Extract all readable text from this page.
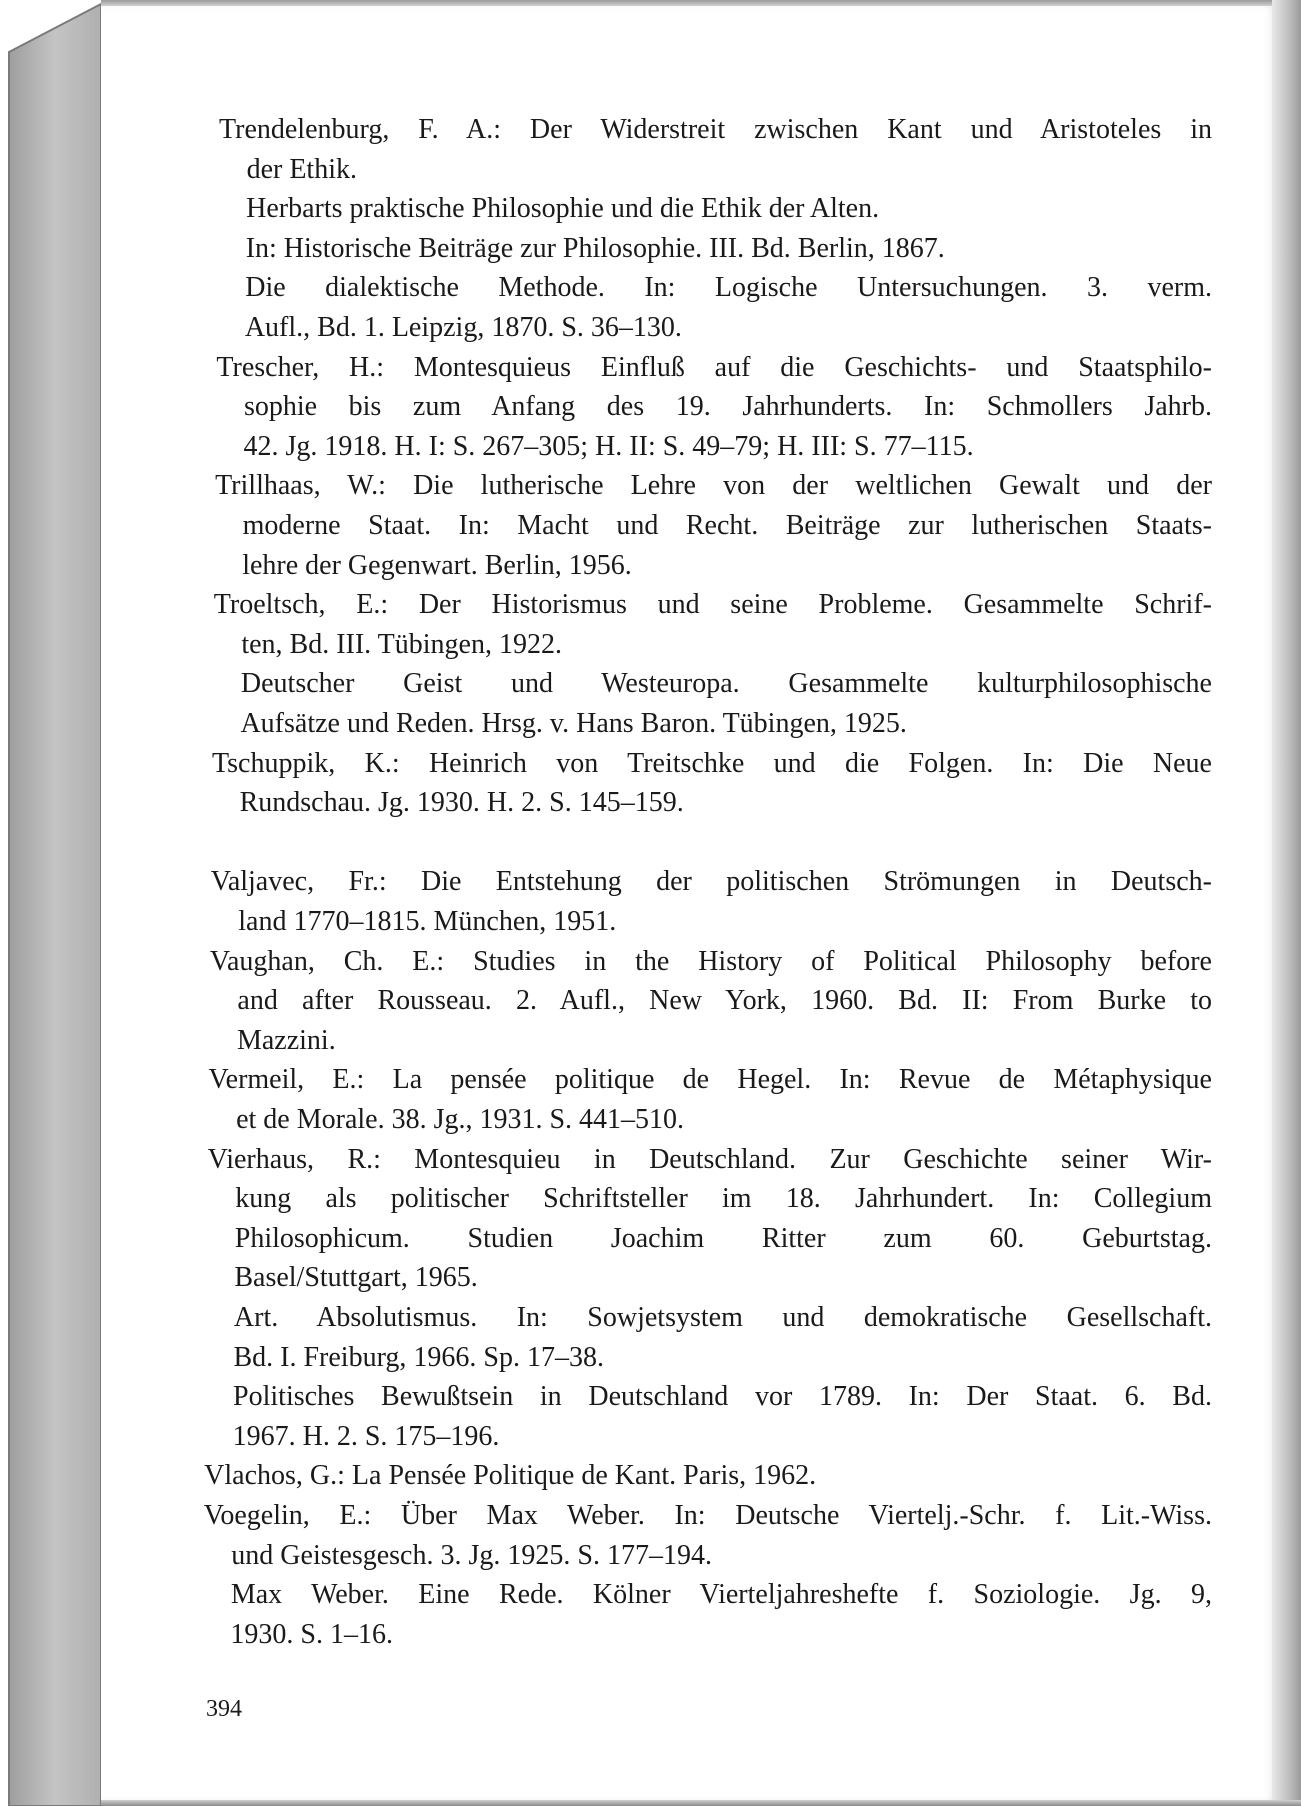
Trendelenburg, F. A.: Der Widerstreit zwischen Kant und Aristoteles in
der Ethik.
Herbarts praktische Philosophie und die Ethik der Alten.
In: Historische Beiträge zur Philosophie. III. Bd. Berlin, 1867.
Die dialektische Methode. In: Logische Untersuchungen. 3. verm.
Aufl., Bd. 1. Leipzig, 1870. S. 36–130.
Trescher, H.: Montesquieus Einfluß auf die Geschichts- und Staatsphilo-
sophie bis zum Anfang des 19. Jahrhunderts. In: Schmollers Jahrb.
42. Jg. 1918. H. I: S. 267–305; H. II: S. 49–79; H. III: S. 77–115.
Trillhaas, W.: Die lutherische Lehre von der weltlichen Gewalt und der
moderne Staat. In: Macht und Recht. Beiträge zur lutherischen Staats-
lehre der Gegenwart. Berlin, 1956.
Troeltsch, E.: Der Historismus und seine Probleme. Gesammelte Schrif-
ten, Bd. III. Tübingen, 1922.
Deutscher Geist und Westeuropa. Gesammelte kulturphilosophische
Aufsätze und Reden. Hrsg. v. Hans Baron. Tübingen, 1925.
Tschuppik, K.: Heinrich von Treitschke und die Folgen. In: Die Neue
Rundschau. Jg. 1930. H. 2. S. 145–159.
Valjavec, Fr.: Die Entstehung der politischen Strömungen in Deutsch-
land 1770–1815. München, 1951.
Vaughan, Ch. E.: Studies in the History of Political Philosophy before
and after Rousseau. 2. Aufl., New York, 1960. Bd. II: From Burke to
Mazzini.
Vermeil, E.: La pensée politique de Hegel. In: Revue de Métaphysique
et de Morale. 38. Jg., 1931. S. 441–510.
Vierhaus, R.: Montesquieu in Deutschland. Zur Geschichte seiner Wir-
kung als politischer Schriftsteller im 18. Jahrhundert. In: Collegium
Philosophicum. Studien Joachim Ritter zum 60. Geburtstag.
Basel/Stuttgart, 1965.
Art. Absolutismus. In: Sowjetsystem und demokratische Gesellschaft.
Bd. I. Freiburg, 1966. Sp. 17–38.
Politisches Bewußtsein in Deutschland vor 1789. In: Der Staat. 6. Bd.
1967. H. 2. S. 175–196.
Vlachos, G.: La Pensée Politique de Kant. Paris, 1962.
Voegelin, E.: Über Max Weber. In: Deutsche Viertelj.-Schr. f. Lit.-Wiss.
und Geistesgesch. 3. Jg. 1925. S. 177–194.
Max Weber. Eine Rede. Kölner Vierteljahreshefte f. Soziologie. Jg. 9,
1930. S. 1–16.
394
